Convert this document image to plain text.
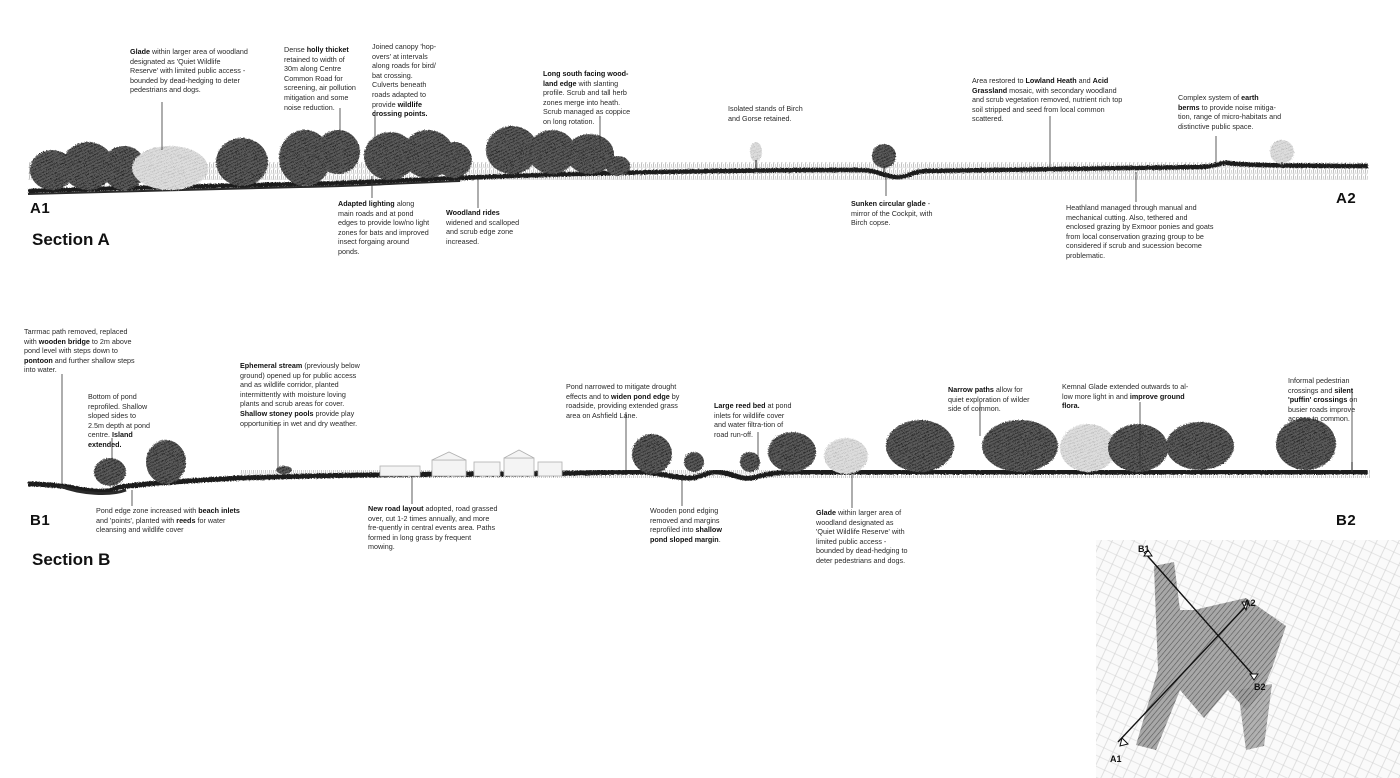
Glade within larger area of woodland designated as 'Quiet Wildlife Reserve' with limited public access - bounded by dead-hedging to deter pedestrians and dogs.
Dense holly thicket retained to width of 30m along Centre Common Road for screening, air pollution mitigation and some noise reduction.
Joined canopy 'hop-overs' at intervals along roads for bird/ bat crossing. Culverts beneath roads adapted to provide wildlife crossing points.
Long south facing wood-land edge with slanting profile. Scrub and tall herb zones merge into heath. Scrub managed as coppice on long rotation.
Isolated stands of Birch and Gorse retained.
Area restored to Lowland Heath and Acid Grassland mosaic, with secondary woodland and scrub vegetation removed, nutrient rich top soil stripped and seed from local common scattered.
Complex system of earth berms to provide noise mitiga-tion, range of micro-habitats and distinctive public space.
Adapted lighting along main roads and at pond edges to provide low/no light zones for bats and improved insect forgaing around ponds.
Woodland rides widened and scalloped and scrub edge zone increased.
Sunken circular glade - mirror of the Cockpit, with Birch copse.
Heathland managed through manual and mechanical cutting. Also, tethered and enclosed grazing by Exmoor ponies and goats from local conservation grazing group to be considered if scrub and sucession become problematic.
A1
A2
Section A
Tarrmac path removed, replaced with wooden bridge to 2m above pond level with steps down to pontoon and further shallow steps into water.
Bottom of pond reprofiled. Shallow sloped sides to 2.5m depth at pond centre. Island extended.
Ephemeral stream (previously below ground) opened up for public access and as wildlife corridor, planted intermittently with moisture loving plants and scrub areas for cover. Shallow stoney pools provide play opportunities in wet and dry weather.
Pond narrowed to mitigate drought effects and to widen pond edge by roadside, providing extended grass area on Ashfield Lane.
Large reed bed at pond inlets for wildlife cover and water filtra-tion of road run-off.
Narrow paths allow for quiet exploration of wilder side of common.
Kemnal Glade extended outwards to al-low more light in and improve ground flora.
Informal pedestrian crossings and silent 'puffin' crossings on busier roads improve access to common.
Pond edge zone increased with beach inlets and 'points', planted with reeds for water cleansing and wildlife cover
New road layout adopted, road grassed over, cut 1-2 times annually, and more fre-quently in central events area. Paths formed in long grass by frequent mowing.
Wooden pond edging removed and margins reprofiled into shallow pond sloped margin.
Glade within larger area of woodland designated as 'Quiet Wildlife Reserve' with limited public access - bounded by dead-hedging to deter pedestrians and dogs.
B1	B2
Section B
A1
A2
B1
B2
